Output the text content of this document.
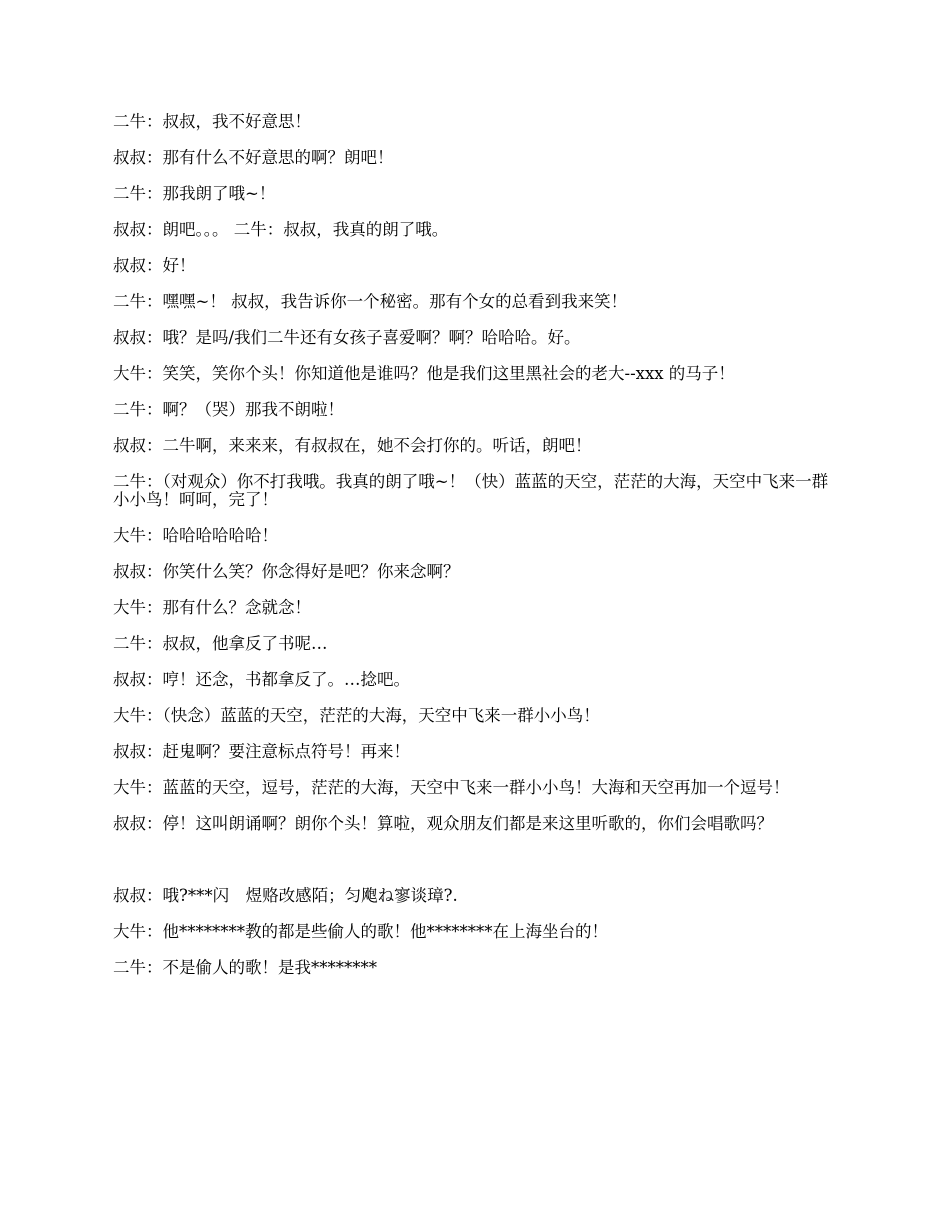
二牛：叔叔，我不好意思！

叔叔：那有什么不好意思的啊？朗吧！

二牛：那我朗了哦~！

叔叔：朗吧。。。 二牛：叔叔，我真的朗了哦。

叔叔：好！

二牛：嘿嘿~！ 叔叔，我告诉你一个秘密。那有个女的总看到我来笑！

叔叔：哦？是吗/我们二牛还有女孩子喜爱啊？啊？哈哈哈。好。

大牛：笑笑，笑你个头！你知道他是谁吗？他是我们这里黑社会的老大--xxx 的马子！

二牛：啊？（哭）那我不朗啦！

叔叔：二牛啊，来来来，有叔叔在，她不会打你的。听话，朗吧！

二牛：（对观众）你不打我哦。我真的朗了哦~！（快）蓝蓝的天空，茫茫的大海，天空中飞来一群小小鸟！呵呵，完了！

大牛：哈哈哈哈哈哈！

叔叔：你笑什么笑？你念得好是吧？你来念啊？

大牛：那有什么？念就念！

二牛：叔叔，他拿反了书呢…

叔叔：哼！还念，书都拿反了。…捻吧。

大牛：（快念）蓝蓝的天空，茫茫的大海，天空中飞来一群小小鸟！

叔叔：赶鬼啊？要注意标点符号！再来！

大牛：蓝蓝的天空，逗号，茫茫的大海，天空中飞来一群小小鸟！大海和天空再加一个逗号！

叔叔：停！这叫朗诵啊？朗你个头！算啦，观众朋友们都是来这里听歌的，你们会唱歌吗？

叔叔：哦?***闪　煜赂改感陌；匀飑ね寥谈璋?.

大牛：他********教的都是些偷人的歌！他********在上海坐台的！

二牛：不是偷人的歌！是我********
